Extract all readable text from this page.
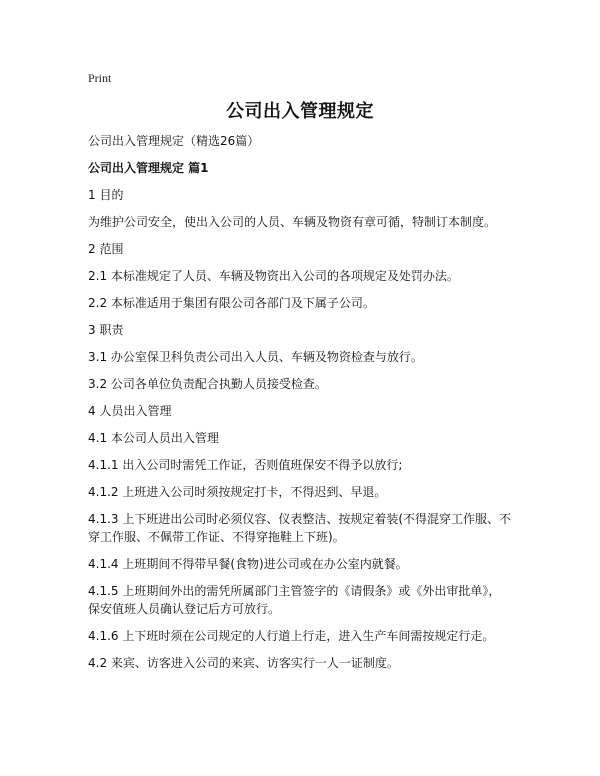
Print
公司出入管理规定

公司出入管理规定（精选26篇）

公司出入管理规定 篇1

1 目的

为维护公司安全，使出入公司的人员、车辆及物资有章可循，特制订本制度。

2 范围

2.1 本标准规定了人员、车辆及物资出入公司的各项规定及处罚办法。

2.2 本标准适用于集团有限公司各部门及下属子公司。

3 职责

3.1 办公室保卫科负责公司出入人员、车辆及物资检查与放行。

3.2 公司各单位负责配合执勤人员接受检查。

4 人员出入管理

4.1 本公司人员出入管理

4.1.1 出入公司时需凭工作证，否则值班保安不得予以放行;

4.1.2 上班进入公司时须按规定打卡，不得迟到、早退。

4.1.3 上下班进出公司时必须仪容、仪表整洁、按规定着装(不得混穿工作服、不穿工作服、不佩带工作证、不得穿拖鞋上下班)。

4.1.4 上班期间不得带早餐(食物)进公司或在办公室内就餐。

4.1.5 上班期间外出的需凭所属部门主管签字的《请假条》或《外出审批单》，保安值班人员确认登记后方可放行。

4.1.6 上下班时须在公司规定的人行道上行走，进入生产车间需按规定行走。

4.2 来宾、访客进入公司的来宾、访客实行一人一证制度。
